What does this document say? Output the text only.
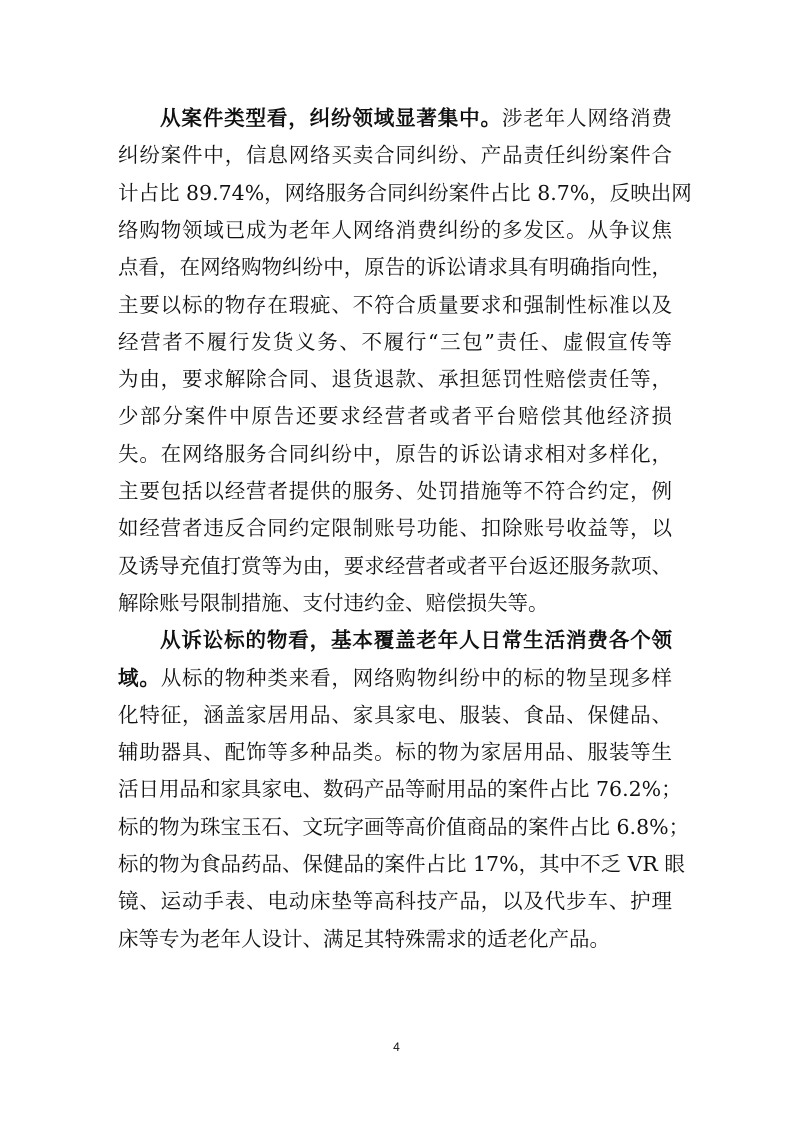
从案件类型看，纠纷领域显著集中。涉老年人网络消费
纠纷案件中，信息网络买卖合同纠纷、产品责任纠纷案件合
计占比 89.74%，网络服务合同纠纷案件占比 8.7%，反映出网
络购物领域已成为老年人网络消费纠纷的多发区。从争议焦
点看，在网络购物纠纷中，原告的诉讼请求具有明确指向性，
主要以标的物存在瑕疵、不符合质量要求和强制性标准以及
经营者不履行发货义务、不履行“三包”责任、虚假宣传等
为由，要求解除合同、退货退款、承担惩罚性赔偿责任等，
少部分案件中原告还要求经营者或者平台赔偿其他经济损
失。在网络服务合同纠纷中，原告的诉讼请求相对多样化，
主要包括以经营者提供的服务、处罚措施等不符合约定，例
如经营者违反合同约定限制账号功能、扣除账号收益等，以
及诱导充值打赏等为由，要求经营者或者平台返还服务款项、
解除账号限制措施、支付违约金、赔偿损失等。
从诉讼标的物看，基本覆盖老年人日常生活消费各个领
域。从标的物种类来看，网络购物纠纷中的标的物呈现多样
化特征，涵盖家居用品、家具家电、服装、食品、保健品、
辅助器具、配饰等多种品类。标的物为家居用品、服装等生
活日用品和家具家电、数码产品等耐用品的案件占比 76.2%；
标的物为珠宝玉石、文玩字画等高价值商品的案件占比 6.8%；
标的物为食品药品、保健品的案件占比 17%，其中不乏 VR 眼
镜、运动手表、电动床垫等高科技产品，以及代步车、护理
床等专为老年人设计、满足其特殊需求的适老化产品。
4
